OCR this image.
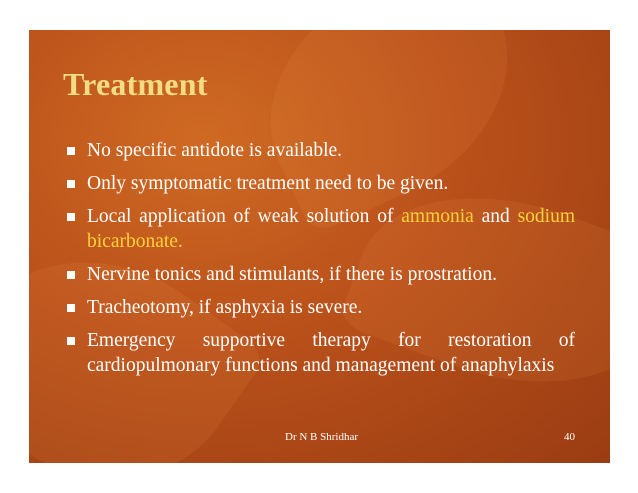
Treatment
No specific antidote is available.
Only symptomatic treatment need to be given.
Local application of weak solution of ammonia and sodium bicarbonate.
Nervine tonics and stimulants, if there is prostration.
Tracheotomy, if asphyxia is severe.
Emergency supportive therapy for restoration of cardiopulmonary functions and management of anaphylaxis
Dr N B Shridhar	40
